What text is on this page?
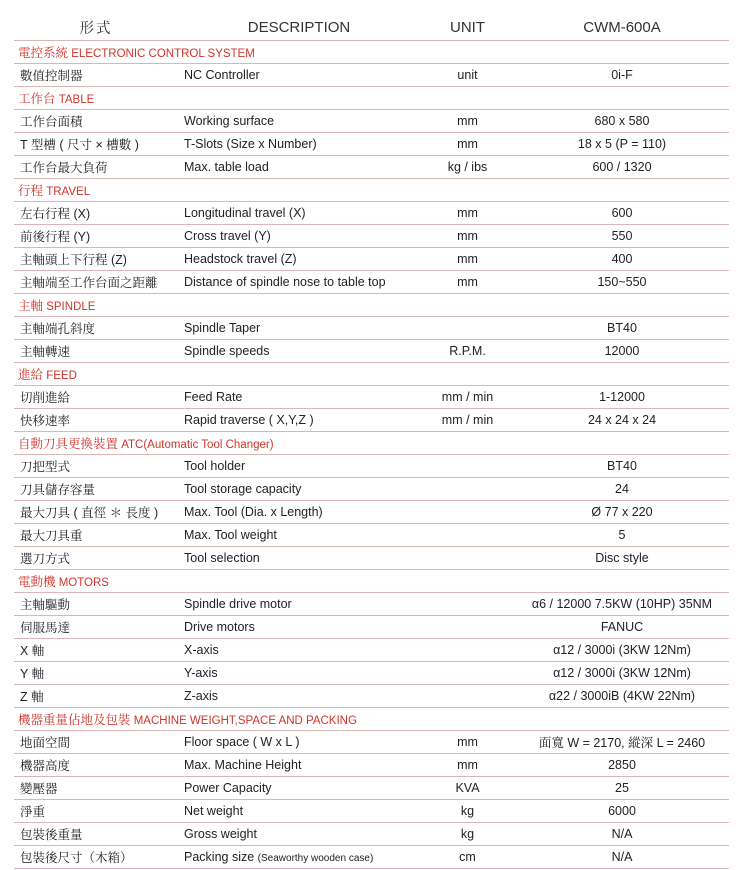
形式	DESCRIPTION	UNIT	CWM-600A

電控系統 ELECTRONIC CONTROL SYSTEM			

數值控制器	NC Controller	unit	0i-F

工作台 TABLE			

工作台面積	Working surface	mm	680 x 580

T 型槽 ( 尺寸 × 槽數 )	T-Slots (Size x Number)	mm	18 x 5 (P = 110)

工作台最大負荷	Max. table load	kg / ibs	600 / 1320

行程 TRAVEL			

左右行程 (X)	Longitudinal travel (X)	mm	600

前後行程 (Y)	Cross travel (Y)	mm	550

主軸頭上下行程 (Z)	Headstock travel (Z)	mm	400

主軸端至工作台面之距離	Distance of spindle nose to table top	mm	150~550

主軸 SPINDLE			

主軸端孔斜度	Spindle Taper		BT40

主軸轉速	Spindle speeds	R.P.M.	12000

進給 FEED			

切削進給	Feed Rate	mm / min	1-12000

快移速率	Rapid traverse ( X,Y,Z )	mm / min	24 x 24 x 24

自動刀具更換裝置 ATC(Automatic Tool Changer)			

刀把型式	Tool holder		BT40

刀具儲存容量	Tool storage capacity		24

最大刀具 ( 直徑 ＊ 長度 )	Max. Tool (Dia. x Length)		Ø 77 x 220

最大刀具重	Max. Tool weight		5

選刀方式	Tool selection		Disc style

電動機 MOTORS			

主軸驅動	Spindle drive motor		α6 / 12000 7.5KW (10HP) 35NM

伺服馬達	Drive motors		FANUC

X 軸	X-axis		α12 / 3000i (3KW 12Nm)

Y 軸	Y-axis		α12 / 3000i (3KW 12Nm)

Z 軸	Z-axis		α22 / 3000iB (4KW 22Nm)

機器重量佔地及包裝 MACHINE WEIGHT,SPACE AND PACKING			

地面空間	Floor space ( W x L )	mm	面寬 W = 2170, 縱深 L = 2460

機器高度	Max. Machine Height	mm	2850

變壓器	Power Capacity	KVA	25

淨重	Net weight	kg	6000

包裝後重量	Gross weight	kg	N/A

包裝後尺寸（木箱）	Packing size (Seaworthy wooden case)	cm	N/A
